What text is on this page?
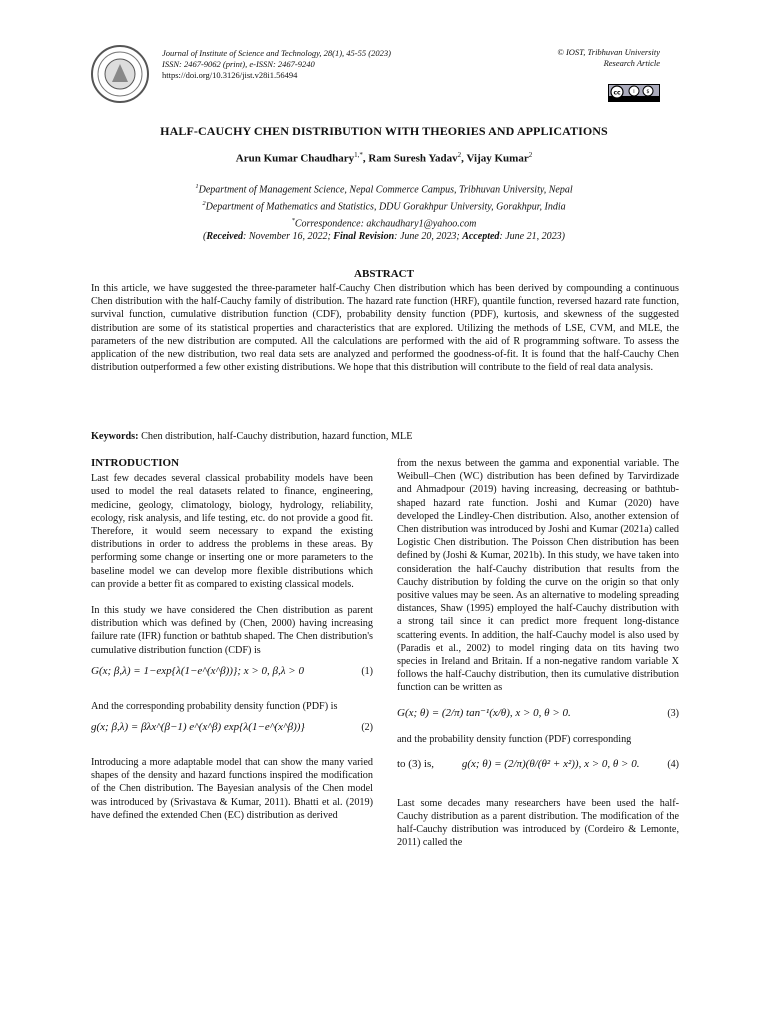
Journal of Institute of Science and Technology, 28(1), 45-55 (2023)
ISSN: 2467-9062 (print), e-ISSN: 2467-9240
https://doi.org/10.3126/jist.v28i1.56494
© IOST, Tribhuvan University
Research Article
cc	i $
HALF-CAUCHY CHEN DISTRIBUTION WITH THEORIES AND APPLICATIONS
Arun Kumar Chaudhary$^{1,*}$, Ram Suresh Yadav$^2$, Vijay Kumar$^2$
$^1$Department of Management Science, Nepal Commerce Campus, Tribhuvan University, Nepal
$^2$Department of Mathematics and Statistics, DDU Gorakhpur University, Gorakhpur, India
*Correspondence: akchaudhary1@yahoo.com
(Received: November 16, 2022; Final Revision: June 20, 2023; Accepted: June 21, 2023)
ABSTRACT
In this article, we have suggested the three-parameter half-Cauchy Chen distribution which has been derived by compounding a continuous Chen distribution with the half-Cauchy family of distribution. The hazard rate function (HRF), quantile function, reversed hazard rate function, survival function, cumulative distribution function (CDF), probability density function (PDF), kurtosis, and skewness of the suggested distribution are some of its statistical properties and characteristics that are explored. Utilizing the methods of LSE, CVM, and MLE, the parameters of the new distribution are computed. All the calculations are performed with the aid of R programming software. To assess the application of the new distribution, two real data sets are analyzed and performed the goodness-of-fit. It is found that the half-Cauchy Chen distribution outperformed a few other existing distributions. We hope that this distribution will contribute to the field of real data analysis.
Keywords: Chen distribution, half-Cauchy distribution, hazard function, MLE
INTRODUCTION

Last few decades several classical probability models have been used to model the real datasets related to finance, engineering, medicine, geology, climatology, biology, hydrology, reliability, ecology, risk analysis, and life testing, etc. do not provide a good fit. Therefore, it would seem necessary to expand the existing distributions in order to address the problems in these areas. By performing some change or inserting one or more parameters to the baseline model we can develop more flexible distributions which can provide a better fit as compared to existing classical models.

In this study we have considered the Chen distribution as parent distribution which was defined by (Chen, 2000) having increasing failure rate (IFR) function or bathtub shaped. The Chen distribution's cumulative distribution function (CDF) is

G(x; β,λ) = 1−exp{λ(1−e^(x^β))}; x > 0, β,λ > 0	(1)

And the corresponding probability density function (PDF) is

g(x; β,λ) = βλx^(β−1) e^(x^β) exp{λ(1−e^(x^β))}	(2)

Introducing a more adaptable model that can show the many varied shapes of the density and hazard functions inspired the modification of the Chen distribution. The Bayesian analysis of the Chen model was introduced by (Srivastava & Kumar, 2011). Bhatti et al. (2019) have defined the extended Chen (EC) distribution as derived

from the nexus between the gamma and exponential variable. The Weibull–Chen (WC) distribution has been defined by Tarvirdizade and Ahmadpour (2019) having increasing, decreasing or bathtub-shaped hazard rate function. Joshi and Kumar (2020) have developed the Lindley-Chen distribution. Also, another extension of Chen distribution was introduced by Joshi and Kumar (2021a) called Logistic Chen distribution. The Poisson Chen distribution has been defined by (Joshi & Kumar, 2021b). In this study, we have taken into consideration the half-Cauchy distribution that results from the Cauchy distribution by folding the curve on the origin so that only positive values may be seen. As an alternative to modeling spreading distances, Shaw (1995) employed the half-Cauchy distribution with a strong tail since it can predict more frequent long-distance scattering events. In addition, the half-Cauchy model is also used by (Paradis et al., 2002) to model ringing data on tits having two species in Ireland and Britain. If a non-negative random variable X follows the half-Cauchy distribution, then its cumulative distribution function can be written as

G(x; θ) = (2/π) tan⁻¹(x/θ), x > 0, θ > 0.	(3)

and the probability density function (PDF) corresponding

to (3) is,	g(x; θ) = (2/π)(θ/(θ² + x²)), x > 0, θ > 0.	(4)

Last some decades many researchers have been used the half-Cauchy distribution as a parent distribution. The modification of the half-Cauchy distribution was introduced by (Cordeiro & Lemonte, 2011) called the
